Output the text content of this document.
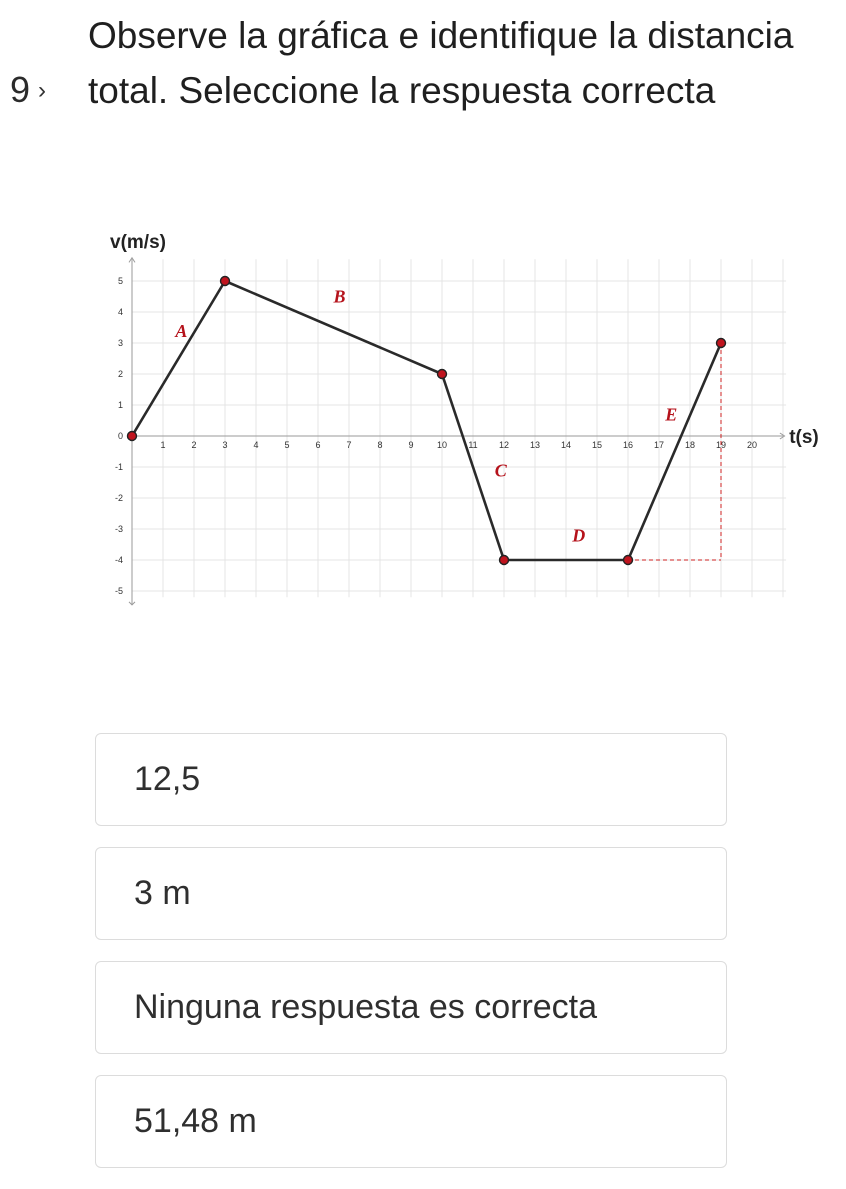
9 ›
Observe la gráfica e identifique la distancia total. Seleccione la respuesta correcta
1	2	3	4	5	6	7	8	9	10 11 12 13 14 15 16 17 18 19 20
5
4
3
2
1
0
-1
-2
-3
-4
-5
v(m/s)
t(s)
A
B
C
D
E
12,5
3 m
Ninguna respuesta es correcta
51,48 m
